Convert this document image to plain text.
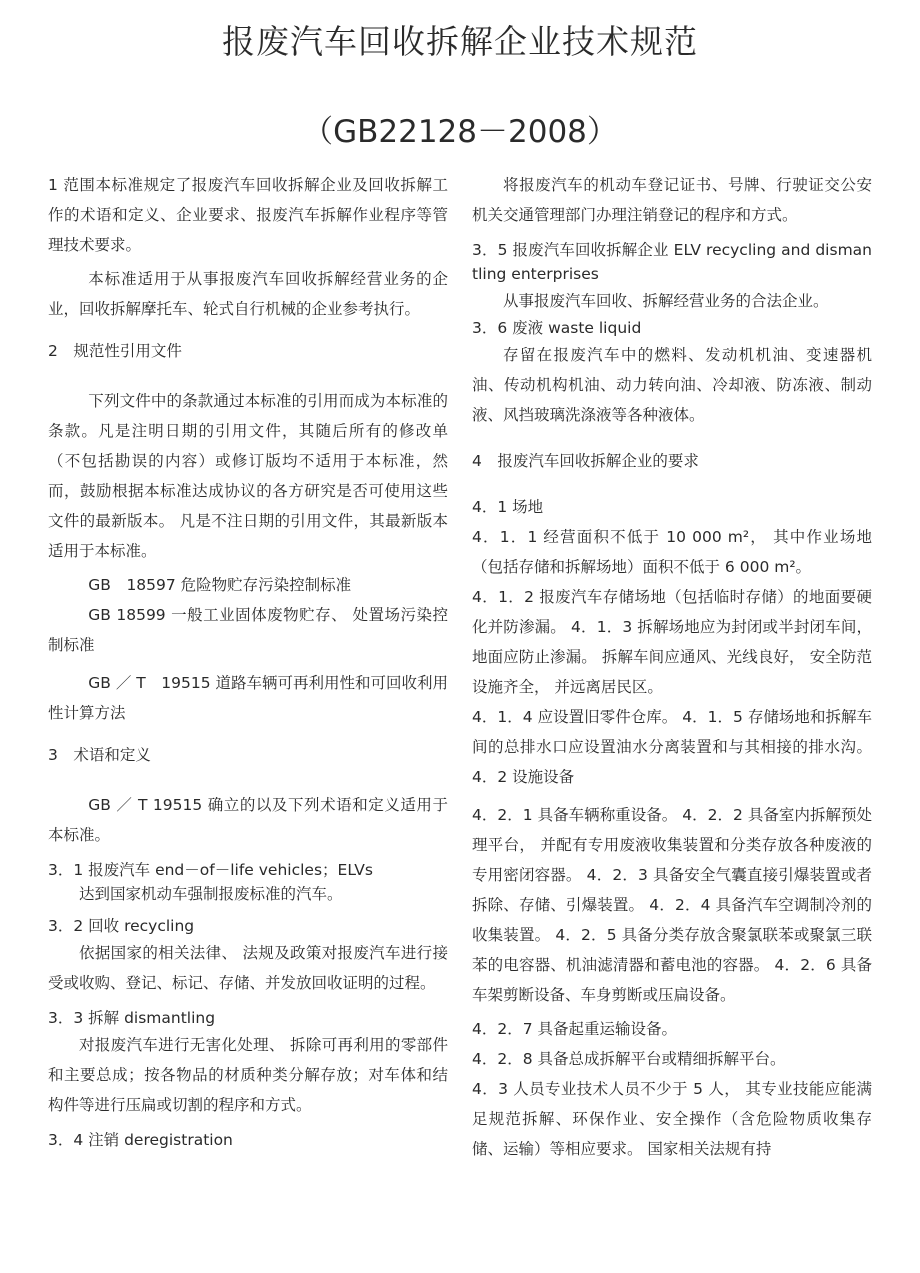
报废汽车回收拆解企业技术规范
（GB22128－2008）

1 范围本标准规定了报废汽车回收拆解企业及回收拆解工作的术语和定义、企业要求、报废汽车拆解作业程序等管理技术要求。

本标准适用于从事报废汽车回收拆解经营业务的企业，回收拆解摩托车、轮式自行机械的企业参考执行。

2　规范性引用文件

下列文件中的条款通过本标准的引用而成为本标准的条款。凡是注明日期的引用文件，其随后所有的修改单（不包括勘误的内容）或修订版均不适用于本标准，然而，鼓励根据本标准达成协议的各方研究是否可使用这些文件的最新版本。 凡是不注日期的引用文件，其最新版本适用于本标准。

GB　18597 危险物贮存污染控制标准

GB 18599 一般工业固体废物贮存、 处置场污染控制标准

GB ／ T　19515 道路车辆可再利用性和可回收利用性计算方法

3　术语和定义

GB ／ T 19515 确立的以及下列术语和定义适用于本标准。

3．1 报废汽车 end－of－life vehicles；ELVs

达到国家机动车强制报废标准的汽车。

3．2 回收 recycling

依据国家的相关法律、 法规及政策对报废汽车进行接受或收购、登记、标记、存储、并发放回收证明的过程。

3．3 拆解 dismantling

对报废汽车进行无害化处理、 拆除可再利用的零部件和主要总成；按各物品的材质种类分解存放；对车体和结构件等进行压扁或切割的程序和方式。

3．4 注销 deregistration

将报废汽车的机动车登记证书、号牌、行驶证交公安机关交通管理部门办理注销登记的程序和方式。

3．5 报废汽车回收拆解企业 ELV recycling and dismantling enterprises

从事报废汽车回收、拆解经营业务的合法企业。

3．6 废液 waste liquid

存留在报废汽车中的燃料、发动机机油、变速器机油、传动机构机油、动力转向油、冷却液、防冻液、制动液、风挡玻璃洗涤液等各种液体。

4　报废汽车回收拆解企业的要求

4．1 场地

4．1．1 经营面积不低于 10 000 m²， 其中作业场地（包括存储和拆解场地）面积不低于 6 000 m²。

4．1．2 报废汽车存储场地（包括临时存储）的地面要硬化并防渗漏。 4．1．3 拆解场地应为封闭或半封闭车间， 地面应防止渗漏。 拆解车间应通风、光线良好， 安全防范设施齐全， 并远离居民区。

4．1．4 应设置旧零件仓库。 4．1．5 存储场地和拆解车间的总排水口应设置油水分离装置和与其相接的排水沟。 4．2 设施设备

4．2．1 具备车辆称重设备。 4．2．2 具备室内拆解预处理平台， 并配有专用废液收集装置和分类存放各种废液的专用密闭容器。 4．2．3 具备安全气囊直接引爆装置或者拆除、存储、引爆装置。 4．2．4 具备汽车空调制冷剂的收集装置。 4．2．5 具备分类存放含聚氯联苯或聚氯三联苯的电容器、机油滤清器和蓄电池的容器。 4．2．6 具备车架剪断设备、车身剪断或压扁设备。

4．2．7 具备起重运输设备。

4．2．8 具备总成拆解平台或精细拆解平台。

4．3 人员专业技术人员不少于 5 人， 其专业技能应能满足规范拆解、环保作业、安全操作（含危险物质收集存储、运输）等相应要求。 国家相关法规有持
